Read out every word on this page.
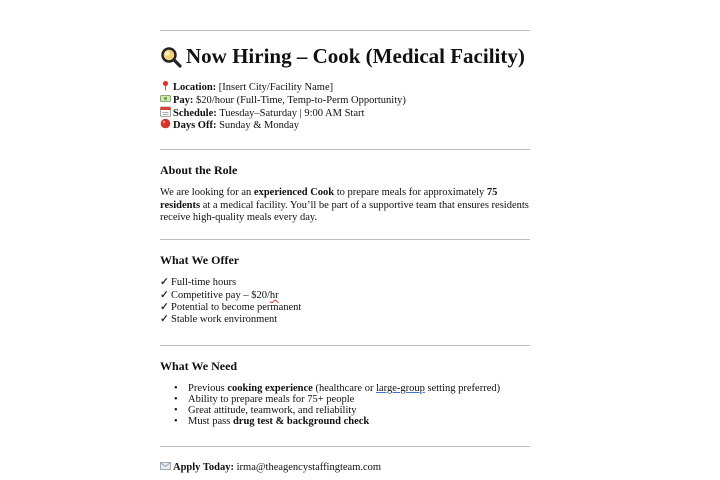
Now Hiring – Cook (Medical Facility)
Location: [Insert City/Facility Name]
Pay: $20/hour (Full-Time, Temp-to-Perm Opportunity)
Schedule: Tuesday–Saturday | 9:00 AM Start
Days Off: Sunday & Monday
About the Role
We are looking for an experienced Cook to prepare meals for approximately 75 residents at a medical facility. You’ll be part of a supportive team that ensures residents receive high-quality meals every day.
What We Offer
✓ Full-time hours
✓ Competitive pay – $20/hr
✓ Potential to become permanent
✓ Stable work environment
What We Need
• Previous cooking experience (healthcare or large-group setting preferred)
• Ability to prepare meals for 75+ people
• Great attitude, teamwork, and reliability
• Must pass drug test & background check
Apply Today: irma@theagencystaffingteam.com
